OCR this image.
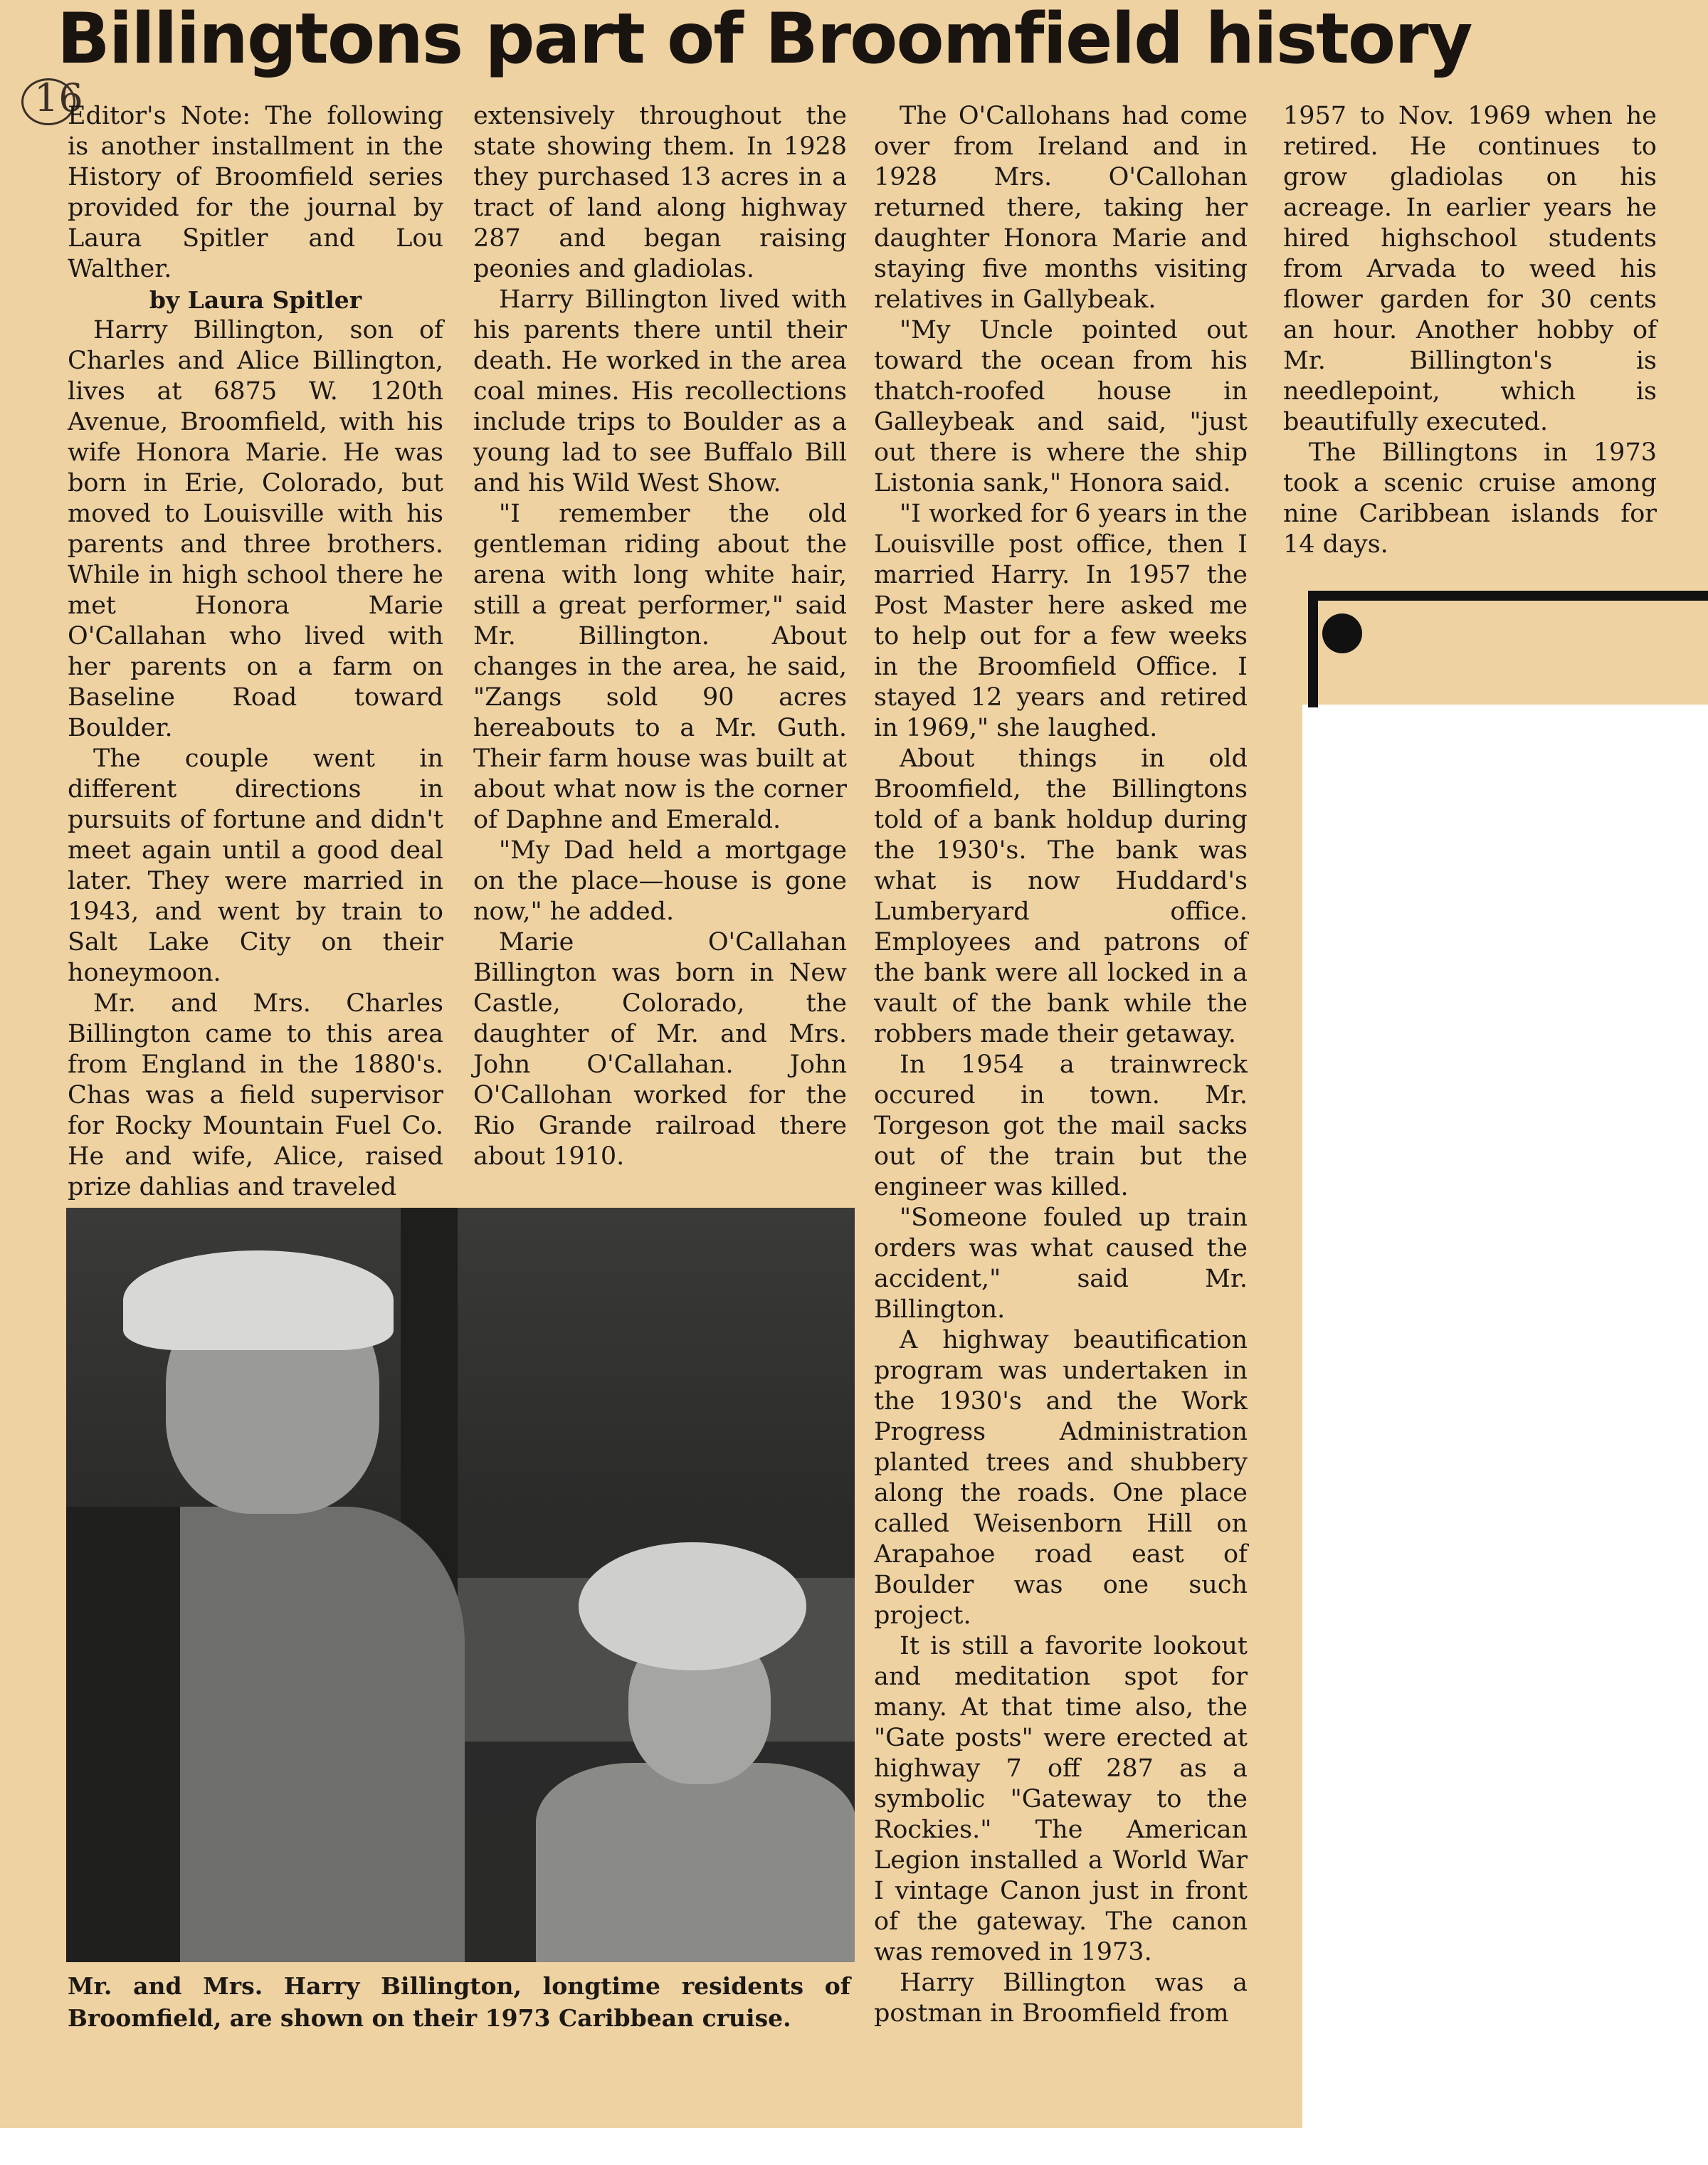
Billingtons part of Broomfield history
16

Editor's Note: The following is another installment in the History of Broomfield series provided for the journal by Laura Spitler and Lou Walther.

by Laura Spitler

Harry Billington, son of Charles and Alice Billington, lives at 6875 W. 120th Avenue, Broomfield, with his wife Honora Marie. He was born in Erie, Colorado, but moved to Louisville with his parents and three brothers. While in high school there he met Honora Marie O'Callahan who lived with her parents on a farm on Baseline Road toward Boulder.

The couple went in different directions in pursuits of fortune and didn't meet again until a good deal later. They were married in 1943, and went by train to Salt Lake City on their honeymoon.

Mr. and Mrs. Charles Billington came to this area from England in the 1880's. Chas was a field supervisor for Rocky Mountain Fuel Co. He and wife, Alice, raised prize dahlias and traveled

extensively throughout the state showing them. In 1928 they purchased 13 acres in a tract of land along highway 287 and began raising peonies and gladiolas.

Harry Billington lived with his parents there until their death. He worked in the area coal mines. His recollections include trips to Boulder as a young lad to see Buffalo Bill and his Wild West Show.

"I remember the old gentleman riding about the arena with long white hair, still a great performer," said Mr. Billington. About changes in the area, he said, "Zangs sold 90 acres hereabouts to a Mr. Guth. Their farm house was built at about what now is the corner of Daphne and Emerald.

"My Dad held a mortgage on the place—house is gone now," he added.

Marie O'Callahan Billington was born in New Castle, Colorado, the daughter of Mr. and Mrs. John O'Callahan. John O'Callohan worked for the Rio Grande railroad there about 1910.

The O'Callohans had come over from Ireland and in 1928 Mrs. O'Callohan returned there, taking her daughter Honora Marie and staying five months visiting relatives in Gallybeak.

"My Uncle pointed out toward the ocean from his thatch-roofed house in Galleybeak and said, "just out there is where the ship Listonia sank," Honora said.

"I worked for 6 years in the Louisville post office, then I married Harry. In 1957 the Post Master here asked me to help out for a few weeks in the Broomfield Office. I stayed 12 years and retired in 1969," she laughed.

About things in old Broomfield, the Billingtons told of a bank holdup during the 1930's. The bank was what is now Huddard's Lumberyard office. Employees and patrons of the bank were all locked in a vault of the bank while the robbers made their getaway.

In 1954 a trainwreck occured in town. Mr. Torgeson got the mail sacks out of the train but the engineer was killed.

"Someone fouled up train orders was what caused the accident," said Mr. Billington.

A highway beautification program was undertaken in the 1930's and the Work Progress Administration planted trees and shubbery along the roads. One place called Weisenborn Hill on Arapahoe road east of Boulder was one such project.

It is still a favorite lookout and meditation spot for many. At that time also, the "Gate posts" were erected at highway 7 off 287 as a symbolic "Gateway to the Rockies." The American Legion installed a World War I vintage Canon just in front of the gateway. The canon was removed in 1973.

Harry Billington was a postman in Broomfield from

1957 to Nov. 1969 when he retired. He continues to grow gladiolas on his acreage. In earlier years he hired highschool students from Arvada to weed his flower garden for 30 cents an hour. Another hobby of Mr. Billington's is needlepoint, which is beautifully executed.

The Billingtons in 1973 took a scenic cruise among nine Caribbean islands for 14 days.

Mr. and Mrs. Harry Billington, longtime residents of Broomfield, are shown on their 1973 Caribbean cruise.
